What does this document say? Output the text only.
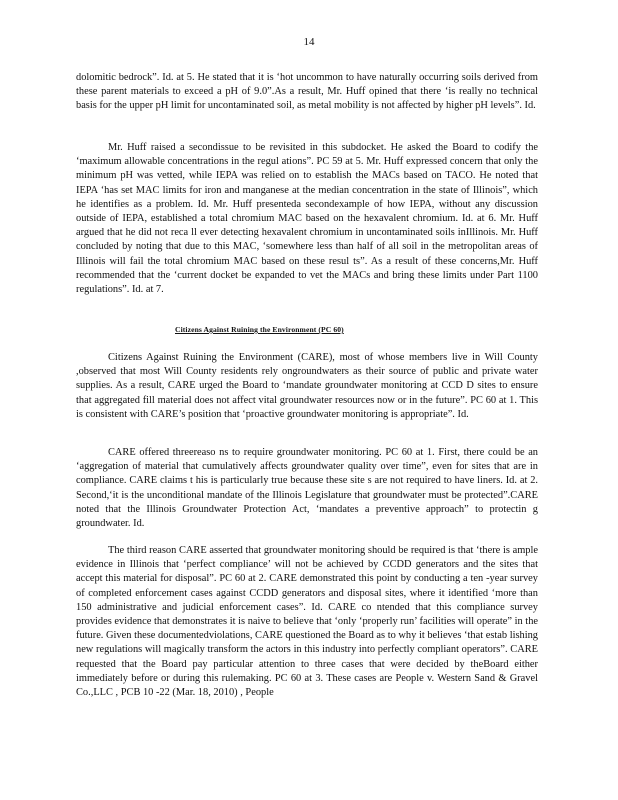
14

dolomitic bedrock”. Id. at 5. He stated that it is ‘hot uncommon to have naturally occurring soils derived from these parent materials to exceed a pH of 9.0”.As a result, Mr. Huff opined that there ‘is really no technical basis for the upper pH limit for uncontaminated soil, as metal mobility is not affected by higher pH levels”. Id.

Mr. Huff raised a secondissue to be revisited in this subdocket. He asked the Board to codify the ‘maximum allowable concentrations in the regul ations”. PC 59 at 5. Mr. Huff expressed concern that only the minimum pH was vetted, while IEPA was relied on to establish the MACs based on TACO. He noted that IEPA ‘has set MAC limits for iron and manganese at the median concentration in the state of Illinois”, which he identifies as a problem. Id. Mr. Huff presenteda secondexample of how IEPA, without any discussion outside of IEPA, established a total chromium MAC based on the hexavalent chromium. Id. at 6. Mr. Huff argued that he did not reca ll ever detecting hexavalent chromium in uncontaminated soils inIllinois. Mr. Huff concluded by noting that due to this MAC, ‘somewhere less than half of all soil in the metropolitan areas of Illinois will fail the total chromium MAC based on these resul ts”. As a result of these concerns,Mr. Huff recommended that the ‘current docket be expanded to vet the MACs and bring these limits under Part 1100 regulations”. Id. at 7.

Citizens Against Ruining the Environment (PC 60)

Citizens Against Ruining the Environment (CARE), most of whose members live in Will County ,observed that most Will County residents rely ongroundwaters as their source of public and private water supplies. As a result, CARE urged the Board to ‘mandate groundwater monitoring at CCD D sites to ensure that aggregated fill material does not affect vital groundwater resources now or in the future”. PC 60 at 1. This is consistent with CARE’s position that ‘proactive groundwater monitoring is appropriate”. Id.

CARE offered threereaso ns to require groundwater monitoring. PC 60 at 1. First, there could be an ‘aggregation of material that cumulatively affects groundwater quality over time”, even for sites that are in compliance. CARE claims t his is particularly true because these site s are not required to have liners. Id. at 2. Second,‘it is the unconditional mandate of the Illinois Legislature that groundwater must be protected”.CARE noted that the Illinois Groundwater Protection Act, ‘mandates a preventive approach” to protectin g groundwater. Id.

The third reason CARE asserted that groundwater monitoring should be required is that ‘there is ample evidence in Illinois that ‘perfect compliance’ will not be achieved by CCDD generators and the sites that accept this material for disposal”. PC 60 at 2. CARE demonstrated this point by conducting a ten -year survey of completed enforcement cases against CCDD generators and disposal sites, where it identified ‘more than 150 administrative and judicial enforcement cases”. Id. CARE co ntended that this compliance survey provides evidence that demonstrates it is naive to believe that ‘only ‘properly run’ facilities will operate” in the future. Given these documentedviolations, CARE questioned the Board as to why it believes ‘that estab lishing new regulations will magically transform the actors in this industry into perfectly compliant operators”. CARE requested that the Board pay particular attention to three cases that were decided by theBoard either immediately before or during this rulemaking. PC 60 at 3. These cases are People v. Western Sand & Gravel Co.,LLC , PCB 10 -22 (Mar. 18, 2010) , People
